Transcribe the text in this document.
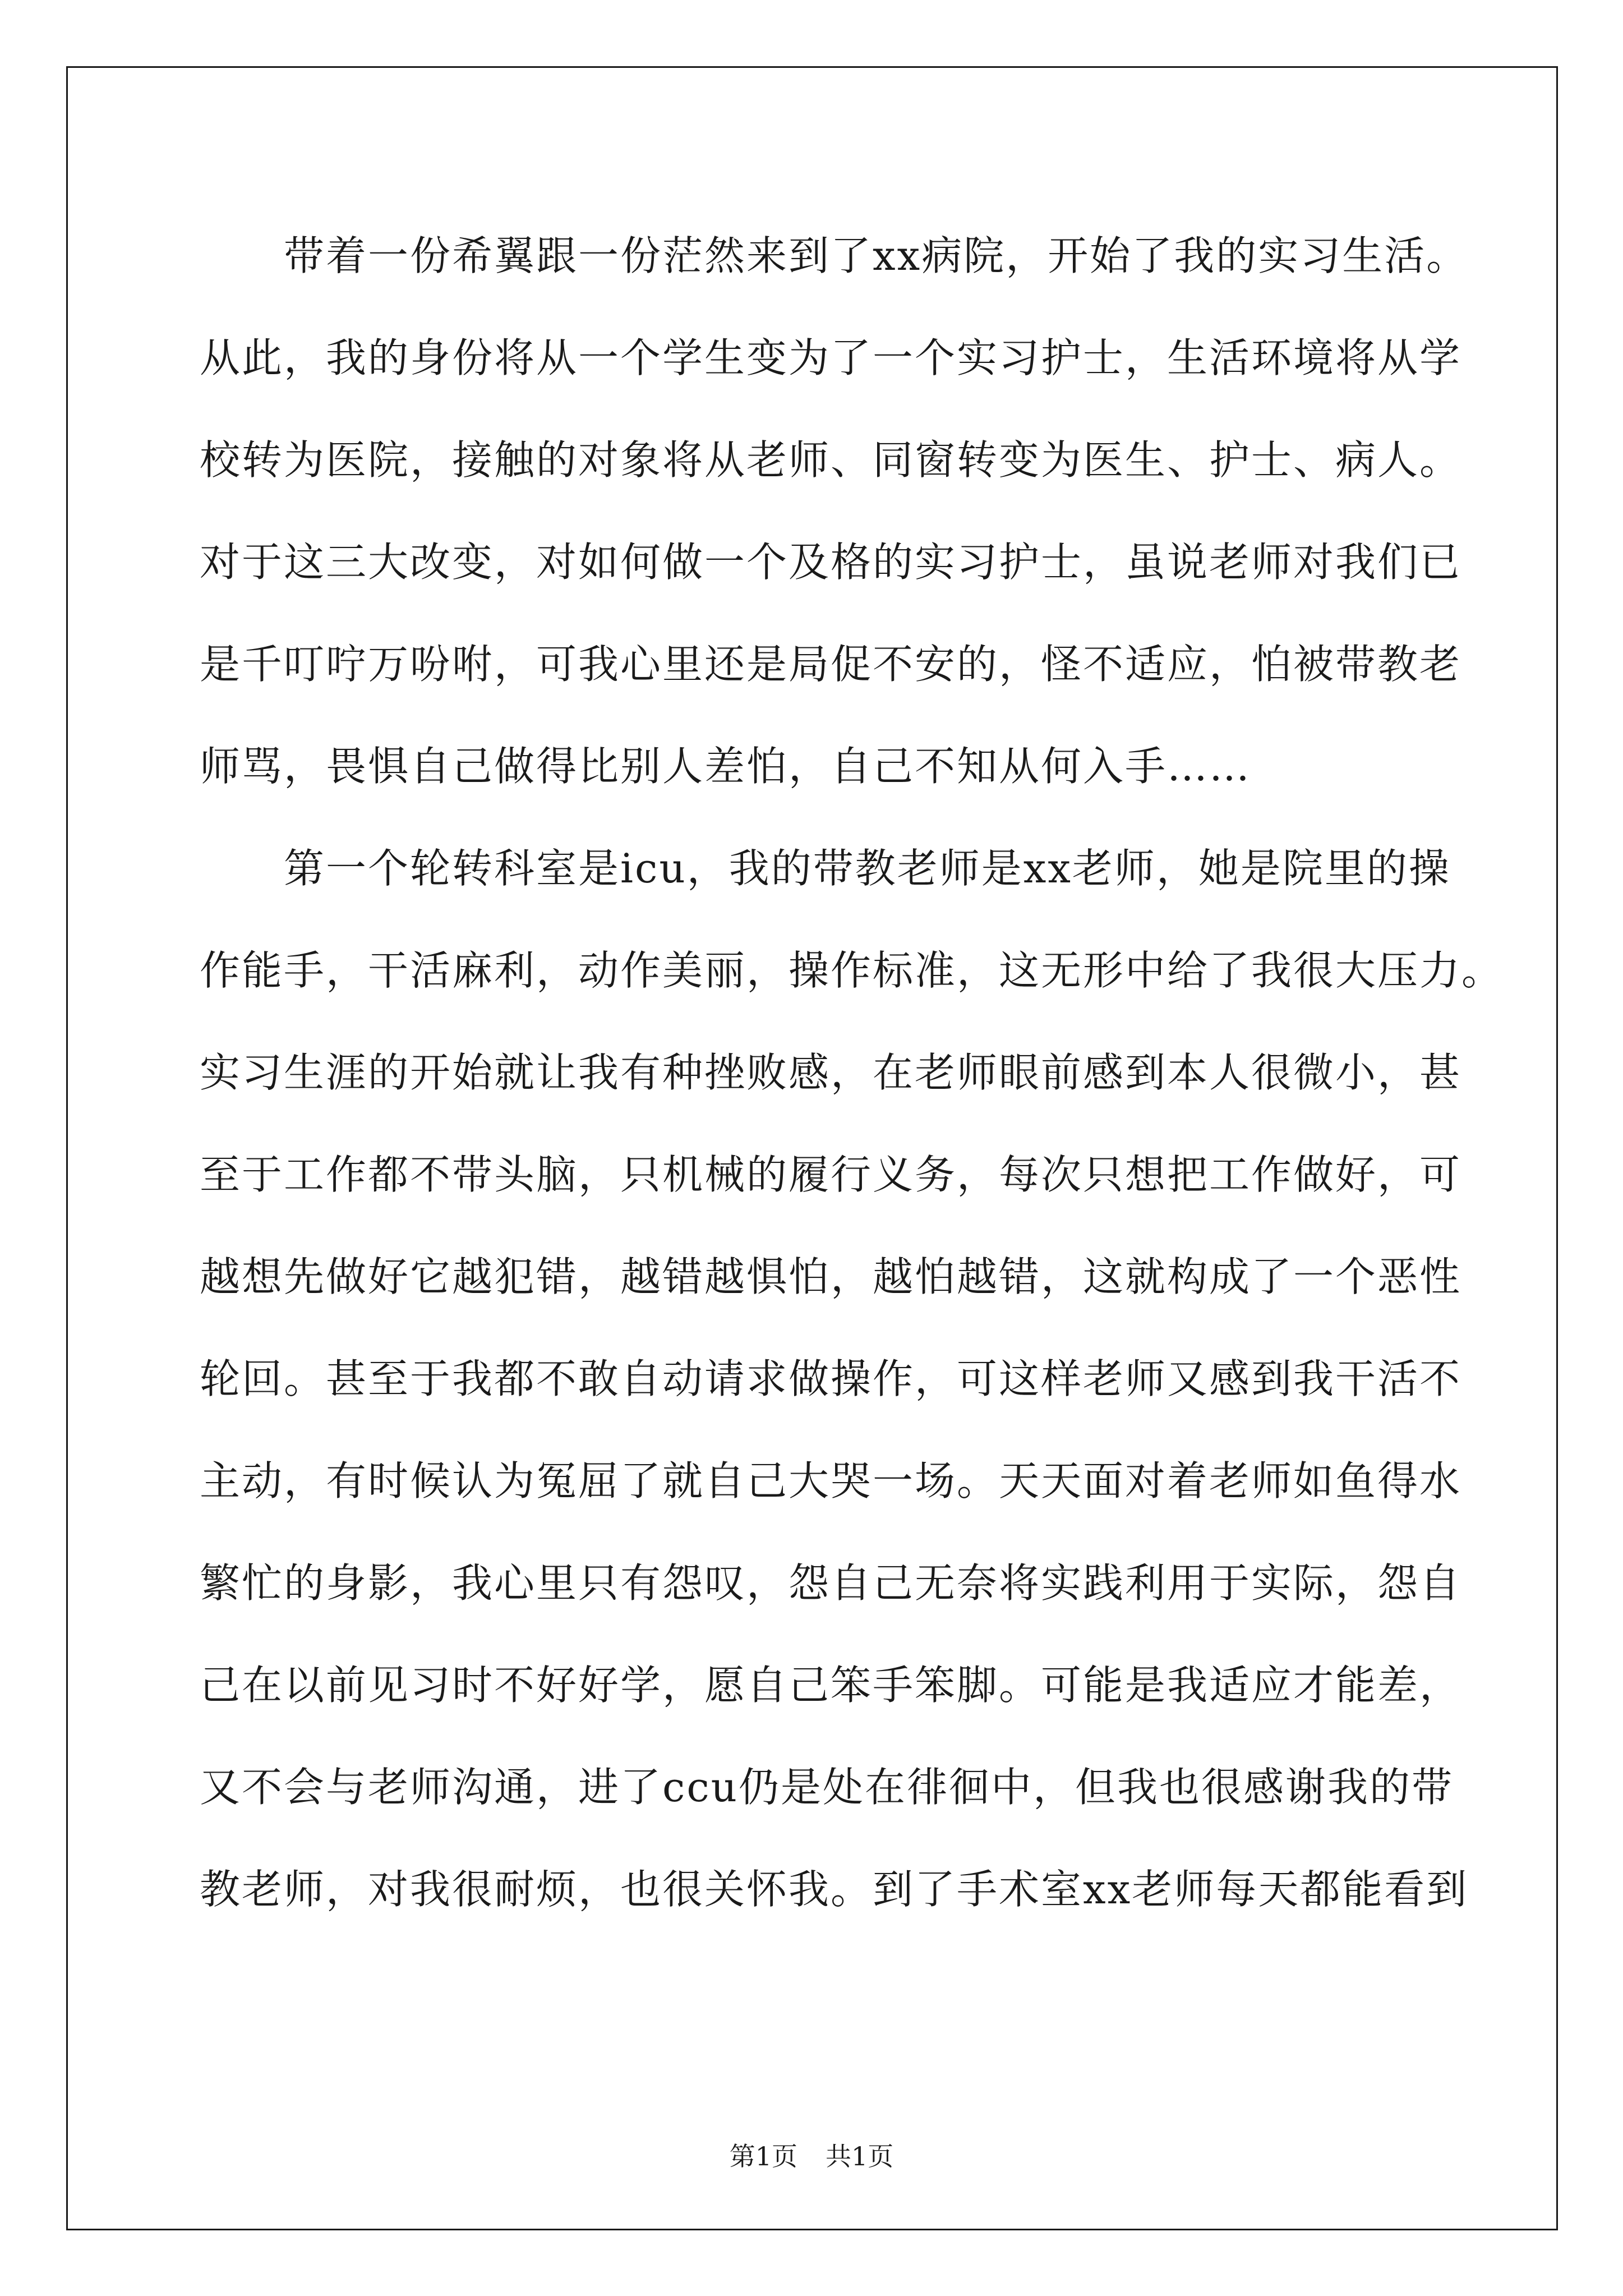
　　带着一份希翼跟一份茫然来到了xx病院，开始了我的实习生活。
从此，我的身份将从一个学生变为了一个实习护士，生活环境将从学
校转为医院，接触的对象将从老师、同窗转变为医生、护士、病人。
对于这三大改变，对如何做一个及格的实习护士，虽说老师对我们已
是千叮咛万吩咐，可我心里还是局促不安的，怪不适应，怕被带教老
师骂，畏惧自己做得比别人差怕，自己不知从何入手……
　　第一个轮转科室是icu，我的带教老师是xx老师，她是院里的操
作能手，干活麻利，动作美丽，操作标准，这无形中给了我很大压力。
实习生涯的开始就让我有种挫败感，在老师眼前感到本人很微小，甚
至于工作都不带头脑，只机械的履行义务，每次只想把工作做好，可
越想先做好它越犯错，越错越惧怕，越怕越错，这就构成了一个恶性
轮回。甚至于我都不敢自动请求做操作，可这样老师又感到我干活不
主动，有时候认为冤屈了就自己大哭一场。天天面对着老师如鱼得水
繁忙的身影，我心里只有怨叹，怨自己无奈将实践利用于实际，怨自
己在以前见习时不好好学，愿自己笨手笨脚。可能是我适应才能差，
又不会与老师沟通，进了ccu仍是处在徘徊中，但我也很感谢我的带
教老师，对我很耐烦，也很关怀我。到了手术室xx老师每天都能看到
第1页 共1页
